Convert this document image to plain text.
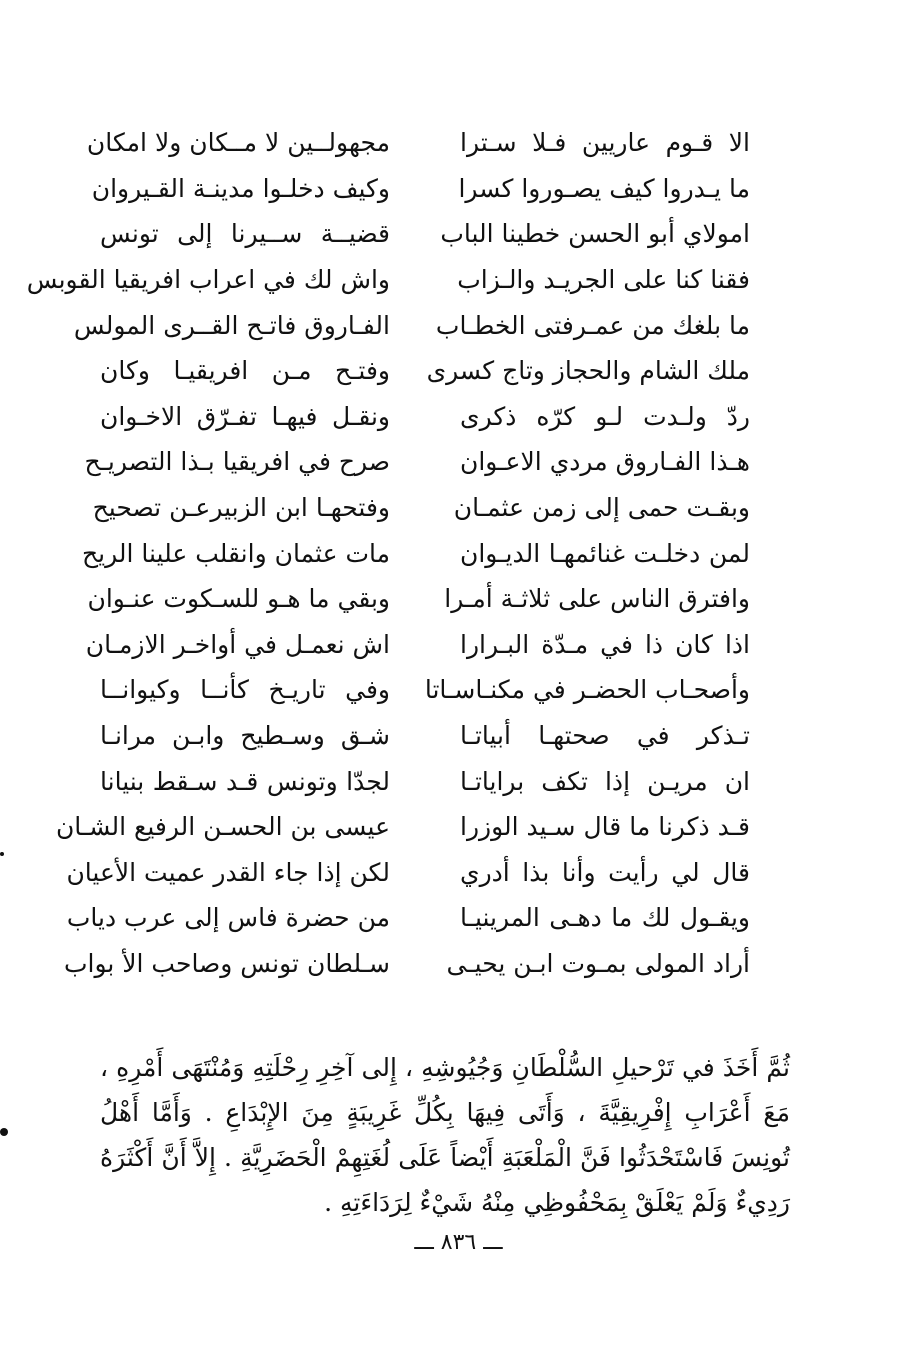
الا قـوم عاريين فـلا سـترا
مجهولــين لا مــكان ولا امكان
ما يـدروا كيف يصـوروا كسرا
وكيف دخلـوا مدينـة القـيروان
امولاي أبو الحسن خطينا الباب
قضيــة ســيرنا إلى تونس
فقنا كنا على الجريـد والـزاب
واش لك في اعراب افريقيا القوبس
ما بلغك من عمـرفتى الخطـاب
الفـاروق فاتـح القــرى المولس
ملك الشام والحجاز وتاج كسرى
وفتـح مـن افريقيـا وكان
ردّ ولـدت لـو كرّه ذكرى
ونقـل فيهـا تفـرّق الاخـوان
هـذا الفـاروق مردي الاعـوان
صرح في افريقيا بـذا التصريـح
وبقـت حمى إلى زمن عثمـان
وفتحهـا ابن الزبيرعـن تصحيح
لمن دخلـت غنائمهـا الديـوان
مات عثمان وانقلب علينا الريح
وافترق الناس على ثلاثـة أمـرا
وبقي ما هـو للسـكوت عنـوان
اذا كان ذا في مـدّة البـرارا
اش نعمـل في أواخـر الازمـان
وأصحـاب الحضـر في مكنـاسـاتا
وفي تاريـخ كأنــا وكيوانــا
تـذكر في صحتهـا أبياتـا
شـق وسـطيح وابـن مرانـا
ان مريـن إذا تكف براياتـا
لجدّا وتونس قـد سـقط بنيانا
قـد ذكرنا ما قال سـيد الوزرا
عيسى بن الحسـن الرفيع الشـان
قال لي رأيت وأنا بذا أدري
لكن إذا جاء القدر عميت الأعيان
ويقـول لك ما دهـى المرينيـا
من حضرة فاس إلى عرب دياب
أراد المولى بمـوت ابـن يحيـى
سـلطان تونس وصاحب الأ بواب

ثُمَّ أَخَذَ في تَرْحيلِ السُّلْطَانِ وَجُيُوشِهِ ، إِلى آخِرِ رِحْلَتِهِ وَمُنْتَهَى أَمْرِهِ ، مَعَ أَعْرَابِ إِفْرِيقِيَّةَ ، وَأَتَى فِيهَا بِكُلِّ غَرِيبَةٍ مِنَ الإِبْدَاعِ . وَأَمَّا أَهْلُ تُونِسَ فَاسْتَحْدَثُوا فَنَّ الْمَلْعَبَةِ أَيْضاً عَلَى لُغَتِهِمْ الْحَضَرِيَّةِ . إِلاَّ أَنَّ أَكْثَرَهُ رَدِيءٌ وَلَمْ يَعْلَقْ بِمَحْفُوظِي مِنْهُ شَيْءٌ لِرَدَاءَتِهِ .

ـــ ٨٣٦ ـــ
